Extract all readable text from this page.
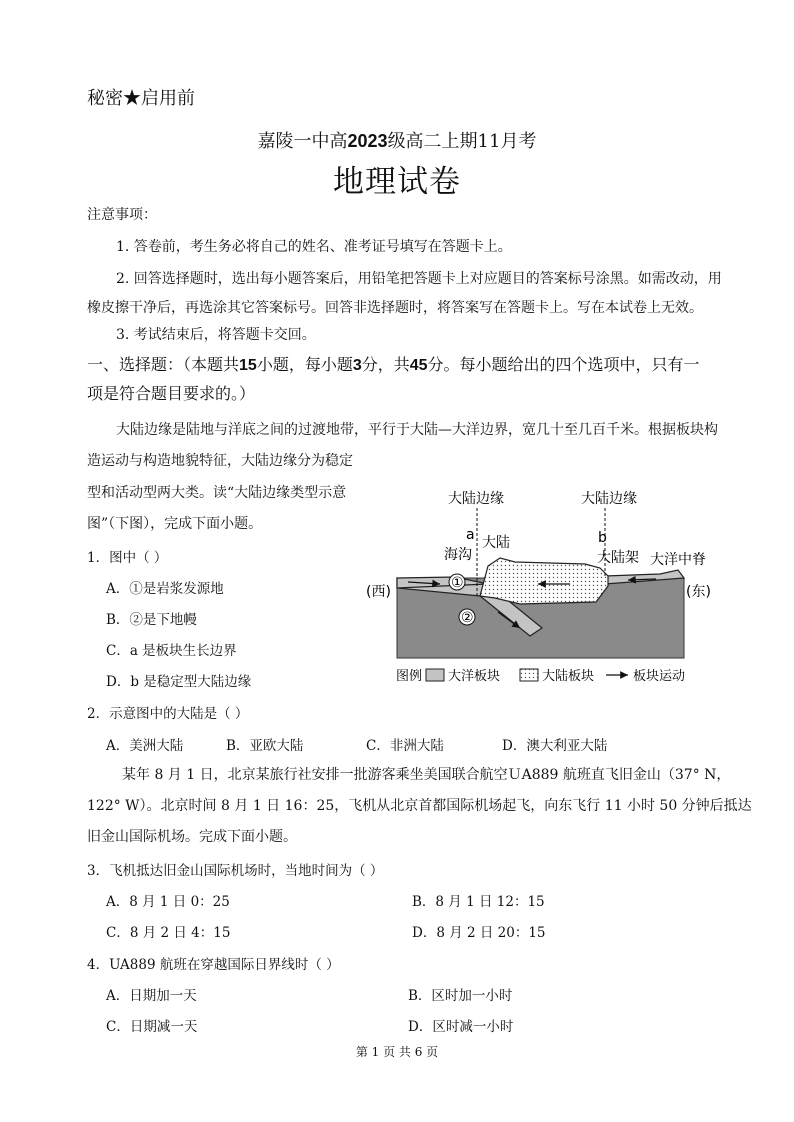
秘密★启用前
嘉陵一中高2023级高二上期11月考
地理试卷
注意事项：
1. 答卷前，考生务必将自己的姓名、准考证号填写在答题卡上。
2. 回答选择题时，选出每小题答案后，用铅笔把答题卡上对应题目的答案标号涂黑。如需改动，用
橡皮擦干净后，再选涂其它答案标号。回答非选择题时，将答案写在答题卡上。写在本试卷上无效。
3. 考试结束后，将答题卡交回。
一、选择题：（本题共15小题，每小题3分，共45分。每小题给出的四个选项中，只有一
项是符合题目要求的。）
大陆边缘是陆地与洋底之间的过渡地带，平行于大陆—大洋边界，宽几十至几百千米。根据板块构
造运动与构造地貌特征，大陆边缘分为稳定
型和活动型两大类。读“大陆边缘类型示意
图”（下图），完成下面小题。
1．图中（ ）
A．①是岩浆发源地
B．②是下地幔
C．a 是板块生长边界
D．b 是稳定型大陆边缘
2．示意图中的大陆是（ ）
A．美洲大陆	B．亚欧大陆	C．非洲大陆	D．澳大利亚大陆
某年 8 月 1 日，北京某旅行社安排一批游客乘坐美国联合航空ＵA889 航班直飞旧金山（37° N，
122° W）。北京时间 8 月 1 日 16：25，飞机从北京首都国际机场起飞，向东飞行 11 小时 50 分钟后抵达
旧金山国际机场。完成下面小题。
3．飞机抵达旧金山国际机场时，当地时间为（ ）
A．8 月 1 日 0：25	B．8 月 1 日 12：15
C．8 月 2 日 4：15	D．8 月 2 日 20：15
4．UA889 航班在穿越国际日界线时（ ）
A．日期加一天	B．区时加一小时
C．日期减一天	D．区时减一小时
大陆边缘	大陆边缘
a	b
海沟
大陆
大陆架 大洋中脊
(西)	(东)
①
②
图例 大洋板块	大陆板块	板块运动
第 1 页 共 6 页
